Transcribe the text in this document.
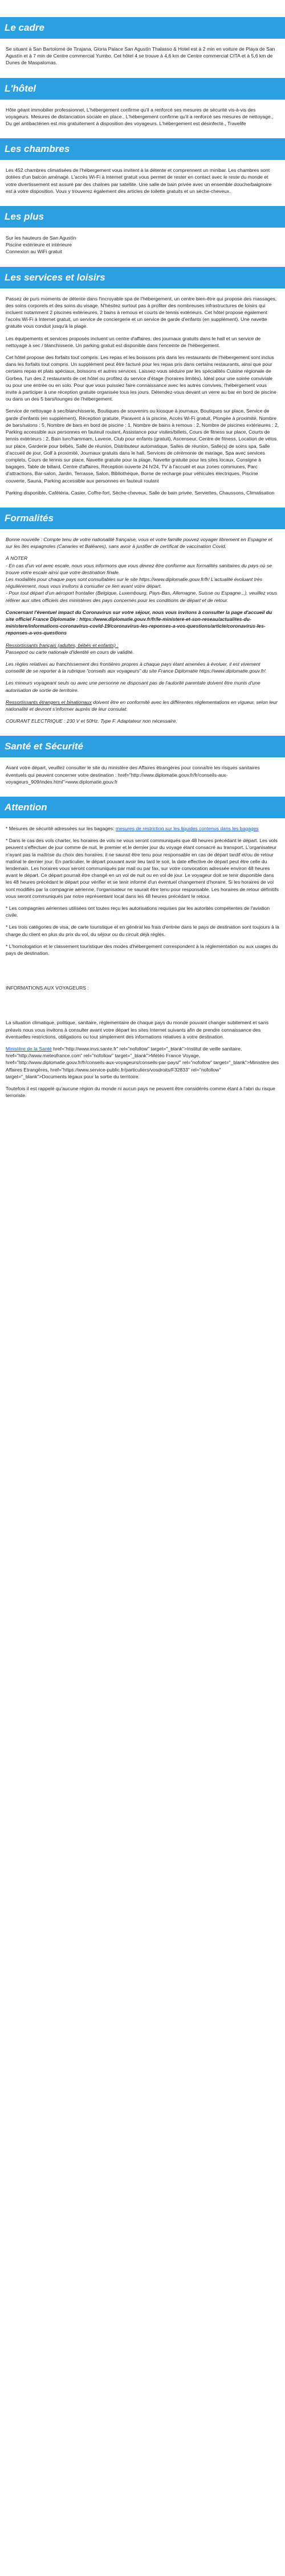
Le cadre

Se situant à San Bartolomé de Tirajana, Gloria Palace San Agustín Thalasso & Hotel est à 2 min en voiture de Playa de San Agustín et à 7 min de Centre commercial Yumbo. Cet hôtel 4 se trouve à 4,6 km de Centre commercial CITA et à 5,6 km de Dunes de Maspalomas.

L'hôtel

Hôte géant immobilier professionnel, L'hébergement confirme qu'il a renforcé ses mesures de sécurité vis-à-vis des voyageurs. Mesures de distanciation sociale en place., L'hébergement confirme qu'il a renforcé ses mesures de nettoyage., Du gel antibactérien est mis gratuitement à disposition des voyageurs. L'hébergement est désinfecté., Travelife

Les chambres

Les 452 chambres climatisées de l'hébergement vous invitent à la détente et comprennent un minibar. Les chambres sont dotées d'un balcon aménagé. L'accès Wi-Fi à Internet gratuit vous permet de rester en contact avec le reste du monde et votre divertissement est assuré par des chaînes par satellite. Une salle de bain privée avec un ensemble douche/baignoire est à votre disposition. Vous y trouverez également des articles de toilette gratuits et un sèche-cheveux.

Les plus
Sur les hauteurs de San Agustín
Piscine extérieure et intérieure
Connexion au WiFi gratuit
Les services et loisirs

Passez de purs moments de détente dans l'incroyable spa de l'hébergement, un centre bien-être qui propose des massages, des soins corporels et des soins du visage. N'hésitez surtout pas à profiter des nombreuses infrastructures de loisirs qui incluent notamment 2 piscines extérieures, 2 bains à remous et courts de tennis extérieurs. Cet hôtel propose également l'accès Wi-Fi à Internet gratuit, un service de conciergerie et un service de garde d'enfants (en supplément). Une navette gratuite vous conduit jusqu'à la plage.

Les équipements et services proposés incluent un centre d'affaires, des journaux gratuits dans le hall et un service de nettoyage à sec / blanchisserie. Un parking gratuit est disponible dans l'enceinte de l'hébergement.

Cet hôtel propose des forfaits tout compris. Les repas et les boissons pris dans les restaurants de l'hébergement sont inclus dans les forfaits tout compris. Un supplément peut être facturé pour les repas pris dans certains restaurants, ainsi que pour certains repas et plats spéciaux, boissons et autres services. Laissez-vous séduire par les spécialités Cuisine régionale de Gorbea, l'un des 2 restaurants de cet hôtel ou profitez du service d'étage (horaires limités). Idéal pour une soirée conviviale ou pour une entrée ou en solo. Pour que vous puissiez faire connaissance avec les autres convives, l'hébergement vous invite à participer à une réception gratuite organisée tous les jours. Détendez-vous devant un verre au bar en bord de piscine ou dans un des 5 bars/lounges de l'hébergement.

Service de nettoyage à sec/blanchisserie, Boutiques de souvenirs ou kiosque à journaux, Boutiques sur place, Service de garde d'enfants (en supplément), Réception gratuite, Paravent à la piscine, Accès Wi-Fi gratuit, Plongée à proximité, Nombre de bars/salons : 5, Nombre de bars en bord de piscine : 1, Nombre de bains à remous : 2, Nombre de piscines extérieures : 2, Parking accessible aux personnes en fauteuil roulant, Assistance pour visites/billets, Cours de fitness sur place, Courts de tennis extérieurs : 2, Bain turc/hammam, Laverie, Club pour enfants (gratuit), Ascenseur, Centre de fitness, Location de vélos sur place, Garderie pour bébés, Salle de réunion, Distributeur automatique, Salles de réunion, Salle(s) de soins spa, Salle d'accueil de jour, Golf à proximité, Journaux gratuits dans le hall, Services de cérémonie de mariage, Spa avec services complets, Cours de tennis sur place, Navette gratuite pour la plage, Navette gratuite pour les sites locaux, Consigne à bagages, Table de billard, Centre d'affaires, Réception ouverte 24 h/24, TV à l'accueil et aux zones communes, Parc d'attractions, Bar-salon, Jardin, Terrasse, Salon, Bibliothèque, Borne de recharge pour véhicules électriques, Piscine couverte, Sauna, Parking accessible aux personnes en fauteuil roulant

Parking disponible, Cafétéria, Casier, Coffre-fort, Sèche-cheveux, Salle de bain privée, Serviettes, Chaussons, Climatisation

Formalités

Bonne nouvelle : Compte tenu de votre nationalité française, vous et votre famille pouvez voyager librement en Espagne et sur les îles espagnoles (Canaries et Baléares), sans avoir à justifier de certificat de vaccination Covid.

À NOTER
- En cas d'un vol avec escale, nous vous informons que vous devrez être conforme aux formalités sanitaires du pays où se trouve votre escale ainsi que votre destination finale.
Les modalités pour chaque pays sont consultables sur le site https://www.diplomatie.gouv.fr/fr/ L'actualité évoluant très régulièrement, nous vous invitons à consulter ce lien avant votre départ.
- Pour tout départ d'un aéroport frontalier (Belgique, Luxembourg, Pays-Bas, Allemagne, Suisse ou Espagne...), veuillez vous référer aux sites officiels des ministères des pays concernés pour les conditions de départ et de retour.

Concernant l'éventuel impact du Coronavirus sur votre séjour, nous vous invitons à consulter la page d'accueil du site officiel France Diplomatie : https://www.diplomatie.gouv.fr/fr/le-ministere-et-son-reseau/actualites-du-ministere/informations-coronavirus-covid-19/coronavirus-les-reponses-a-vos-questions/article/coronavirus-les-reponses-a-vos-questions

Ressortissants français (adultes, bébés et enfants) :
Passeport ou carte nationale d'identité en cours de validité.

Les règles relatives au franchissement des frontières propres à chaque pays étant amenées à évoluer, il est vivement conseillé de se reporter à la rubrique "conseils aux voyageurs" du site France Diplomatie https://www.diplomatie.gouv.fr/.

Les mineurs voyageant seuls ou avec une personne ne disposant pas de l'autorité parentale doivent être munis d'une autorisation de sortie de territoire.

Ressortissants étrangers et binationaux doivent être en conformité avec les différentes réglementations en vigueur, selon leur nationalité et devront s'informer auprès de leur consulat.

COURANT ELECTRIQUE : 230 V et 50Hz. Type F. Adaptateur non nécessaire.

Santé et Sécurité

Avant votre départ, veuillez consulter le site du ministère des Affaires étrangères pour connaître les risques sanitaires éventuels qui peuvent concerner votre destination : href="http://www.diplomatie.gouv.fr/fr/conseils-aux-voyageurs_909/index.html">www.diplomatie.gouv.fr

Attention

* Mesures de sécurité adressées sur les bagages: mesures de restriction sur les liquides contenus dans les bagages

* Dans le cas des vols charter, les horaires de vols ne vous seront communiqués que 48 heures précédant le départ. Les vols peuvent s'effectuer de jour comme de nuit, le premier et le dernier jour du voyage étant consacré au transport. L'organisateur n'ayant pas la maîtrise du choix des horaires, il ne saurait être tenu pour responsable en cas de départ tardif et/ou de retour matinal le dernier jour. En particulier, le départ pouvant avoir lieu tard le soir, la date effective de départ peut être celle du lendemain. Les horaires vous seront communiqués par mail ou par fax, sur votre convocation adressée environ 48 heures avant le départ. Ce départ pourrait être changé en un vol de nuit ou en vol de jour. Le voyageur doit se tenir disponible dans les 48 heures précédant le départ pour vérifier et se tenir informé d'un éventuel changement d'horaire. Si les horaires de vol sont modifiés par la compagnie aérienne, l'organisateur ne saurait être tenu pour responsable. Les horaires de retour définitifs vous seront communiqués par notre représentant local dans les 48 heures précédant le retour.

* Les compagnies aériennes utilisées ont toutes reçu les autorisations requises par les autorités compétentes de l'aviation civile.

* Les trois catégories de visa, de carte touristique et en général les frais d'entrée dans le pays de destination sont toujours à la charge du client en plus du prix du vol, du séjour ou du circuit déjà réglés.

* L'homologation et le classement touristique des modes d'hébergement correspondent à la réglementation ou aux usages du pays de destination.

INFORMATIONS AUX VOYAGEURS :

La situation climatique, politique, sanitaire, réglementaire de chaque pays du monde pouvant changer subitement et sans préavis nous vous invitons à consulter avant votre départ les sites Internet suivants afin de prendre connaissance des éventuelles restrictions, obligations ou tout simplement des informations relatives à votre destination.

Ministère de la Santé href="http://www.invs.sante.fr" rel="nofollow" target="_blank">Institut de veille sanitaire, href="http://www.meteofrance.com" rel="nofollow" target="_blank">Météo France Voyage, href="http://www.diplomatie.gouv.fr/fr/conseils-aux-voyageurs/conseils-par-pays/" rel="nofollow" target="_blank">Ministère des Affaires Etrangères, href="https://www.service-public.fr/particuliers/vosdroits/F32833" rel="nofollow" target="_blank">Documents légaux pour la sortie du territoire.

Toutefois il est rappelé qu'aucune région du monde ni aucun pays ne peuvent être considérés comme étant à l'abri du risque terroriste.
